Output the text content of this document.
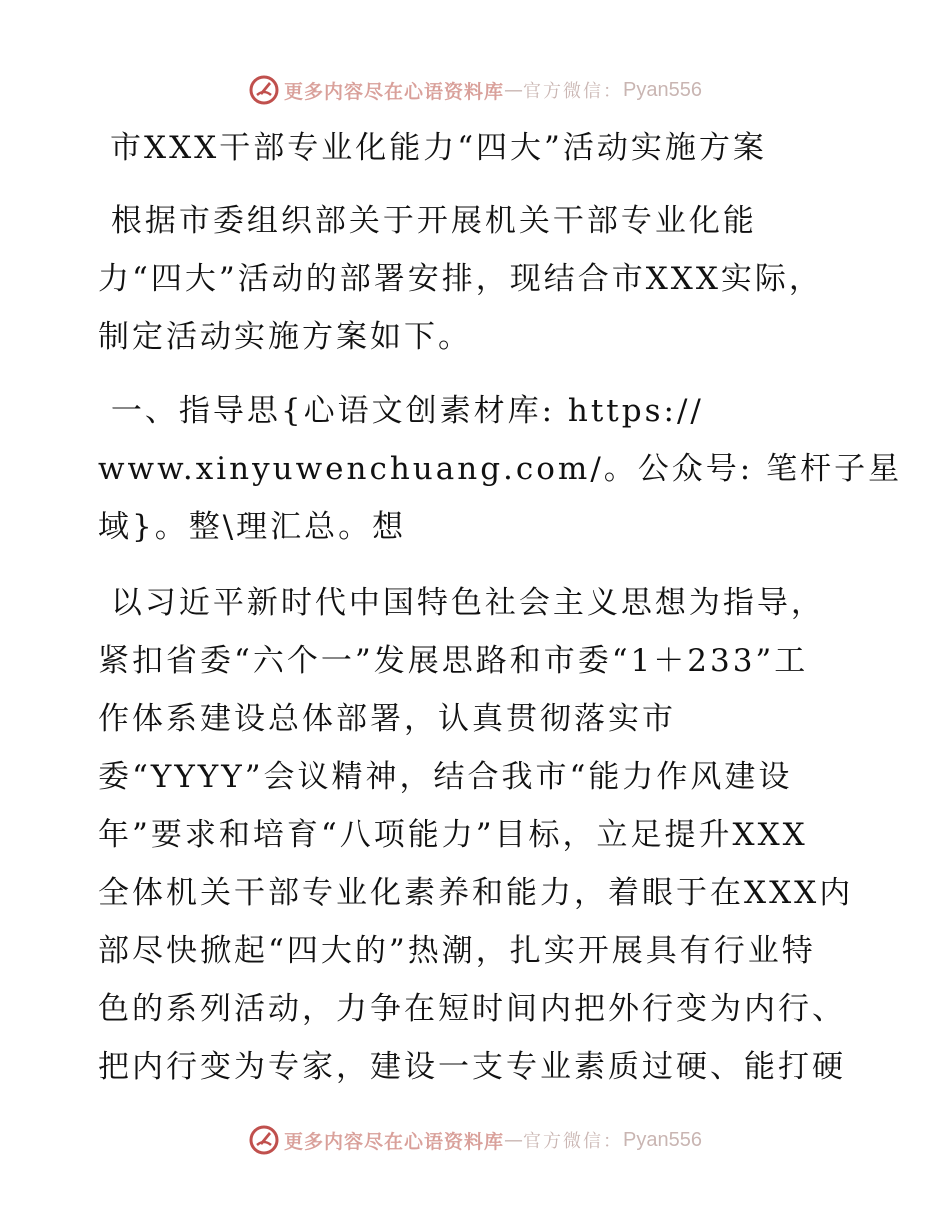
更多内容尽在心语资料库 — 官方微信： Pyan556
市XXX干部专业化能力“四大”活动实施方案
根据市委组织部关于开展机关干部专业化能
力“四大”活动的部署安排，现结合市XXX实际，
制定活动实施方案如下。
一、指导思{心语文创素材库: https://
www.xinyuwenchuang.com/。公众号: 笔杆子星
域}。整\理汇总。想
以习近平新时代中国特色社会主义思想为指导，
紧扣省委“六个一”发展思路和市委“1＋233”工
作体系建设总体部署，认真贯彻落实市
委“YYYY”会议精神，结合我市“能力作风建设
年”要求和培育“八项能力”目标，立足提升XXX
全体机关干部专业化素养和能力，着眼于在XXX内
部尽快掀起“四大的”热潮，扎实开展具有行业特
色的系列活动，力争在短时间内把外行变为内行、
把内行变为专家，建设一支专业素质过硬、能打硬
更多内容尽在心语资料库 — 官方微信： Pyan556
